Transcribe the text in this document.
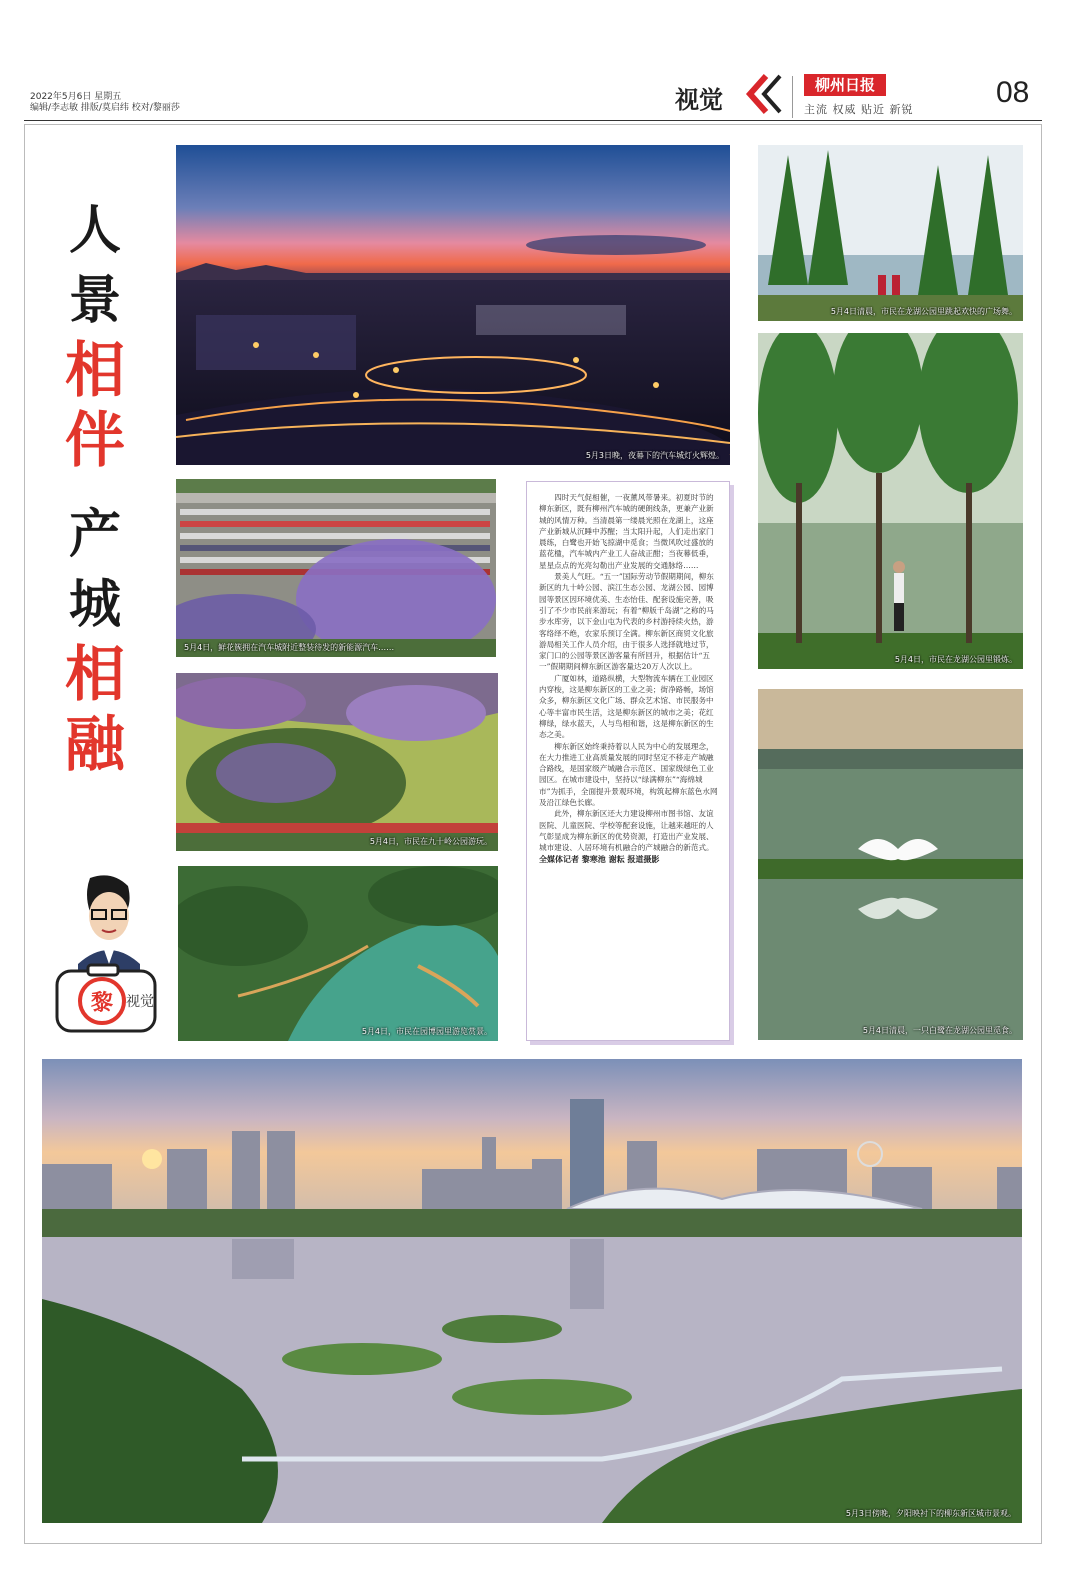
2022年5月6日 星期五
编辑/李志敏 排版/莫启纬 校对/黎丽莎	视觉
柳州日报
主流 权威 贴近 新锐
08
人
景
相
伴
产
城
相
融
5月3日晚，夜幕下的汽车城灯火辉煌。
5月4日，鲜花簇拥在汽车城附近整装待发的新能源汽车……
5月4日，市民在九十岭公园游玩。
5月4日，市民在园博园里游览赏景。

四时天气促相催，一夜薰风带暑来。初夏时节的柳东新区，既有柳州汽车城的硬朗线条，更兼产业新城的风情万种。当清晨第一缕晨光照在龙湖上，这座产业新城从沉睡中苏醒；当太阳升起，人们走出家门晨练，白鹭也开始飞掠湖中觅食；当微风吹过盛放的蓝花楹，汽车城内产业工人奋战正酣；当夜幕低垂，星星点点的光亮勾勒出产业发展的交通脉络……

景美人气旺。“五一”国际劳动节假期期间，柳东新区的九十岭公园、滨江生态公园、龙湖公园、园博园等景区因环境优美、生态怡佳、配套设施完善，吸引了不少市民前来游玩；有着“柳版千岛湖”之称的马步水库旁，以下金山屯为代表的乡村游持续火热，游客络绎不绝，农家乐预订全满。柳东新区商贸文化旅游局相关工作人员介绍，由于很多人选择就地过节，家门口的公园等景区游客量有所回升，根据估计“五一”假期期间柳东新区游客量达20万人次以上。

广厦如林，道路纵横，大型物流车辆在工业园区内穿梭，这是柳东新区的工业之美；街净路畅，场馆众多，柳东新区文化广场、群众艺术馆、市民服务中心等丰富市民生活，这是柳东新区的城市之美；花红柳绿，绿水蓝天，人与鸟相和谐，这是柳东新区的生态之美。

柳东新区始终秉持着以人民为中心的发展理念，在大力推进工业高质量发展的同时坚定不移走产城融合路线，是国家级产城融合示范区、国家级绿色工业园区。在城市建设中，坚持以“绿满柳东”“海绵城市”为抓手，全面提升景观环境，构筑起柳东蓝色水网及沿江绿色长廊。

此外，柳东新区还大力建设柳州市图书馆、友谊医院、儿童医院、学校等配套设施，让越来越旺的人气彰显成为柳东新区的优势资源，打造出产业发展、城市建设、人居环境有机融合的产城融合的新范式。

全媒体记者 黎寒池 谢耘 报道摄影

5月4日清晨，市民在龙湖公园里跳起欢快的广场舞。
5月4日，市民在龙湖公园里锻炼。
5月4日清晨，一只白鹭在龙湖公园里觅食。
黎 视觉
5月3日傍晚，夕阳映衬下的柳东新区城市景观。
